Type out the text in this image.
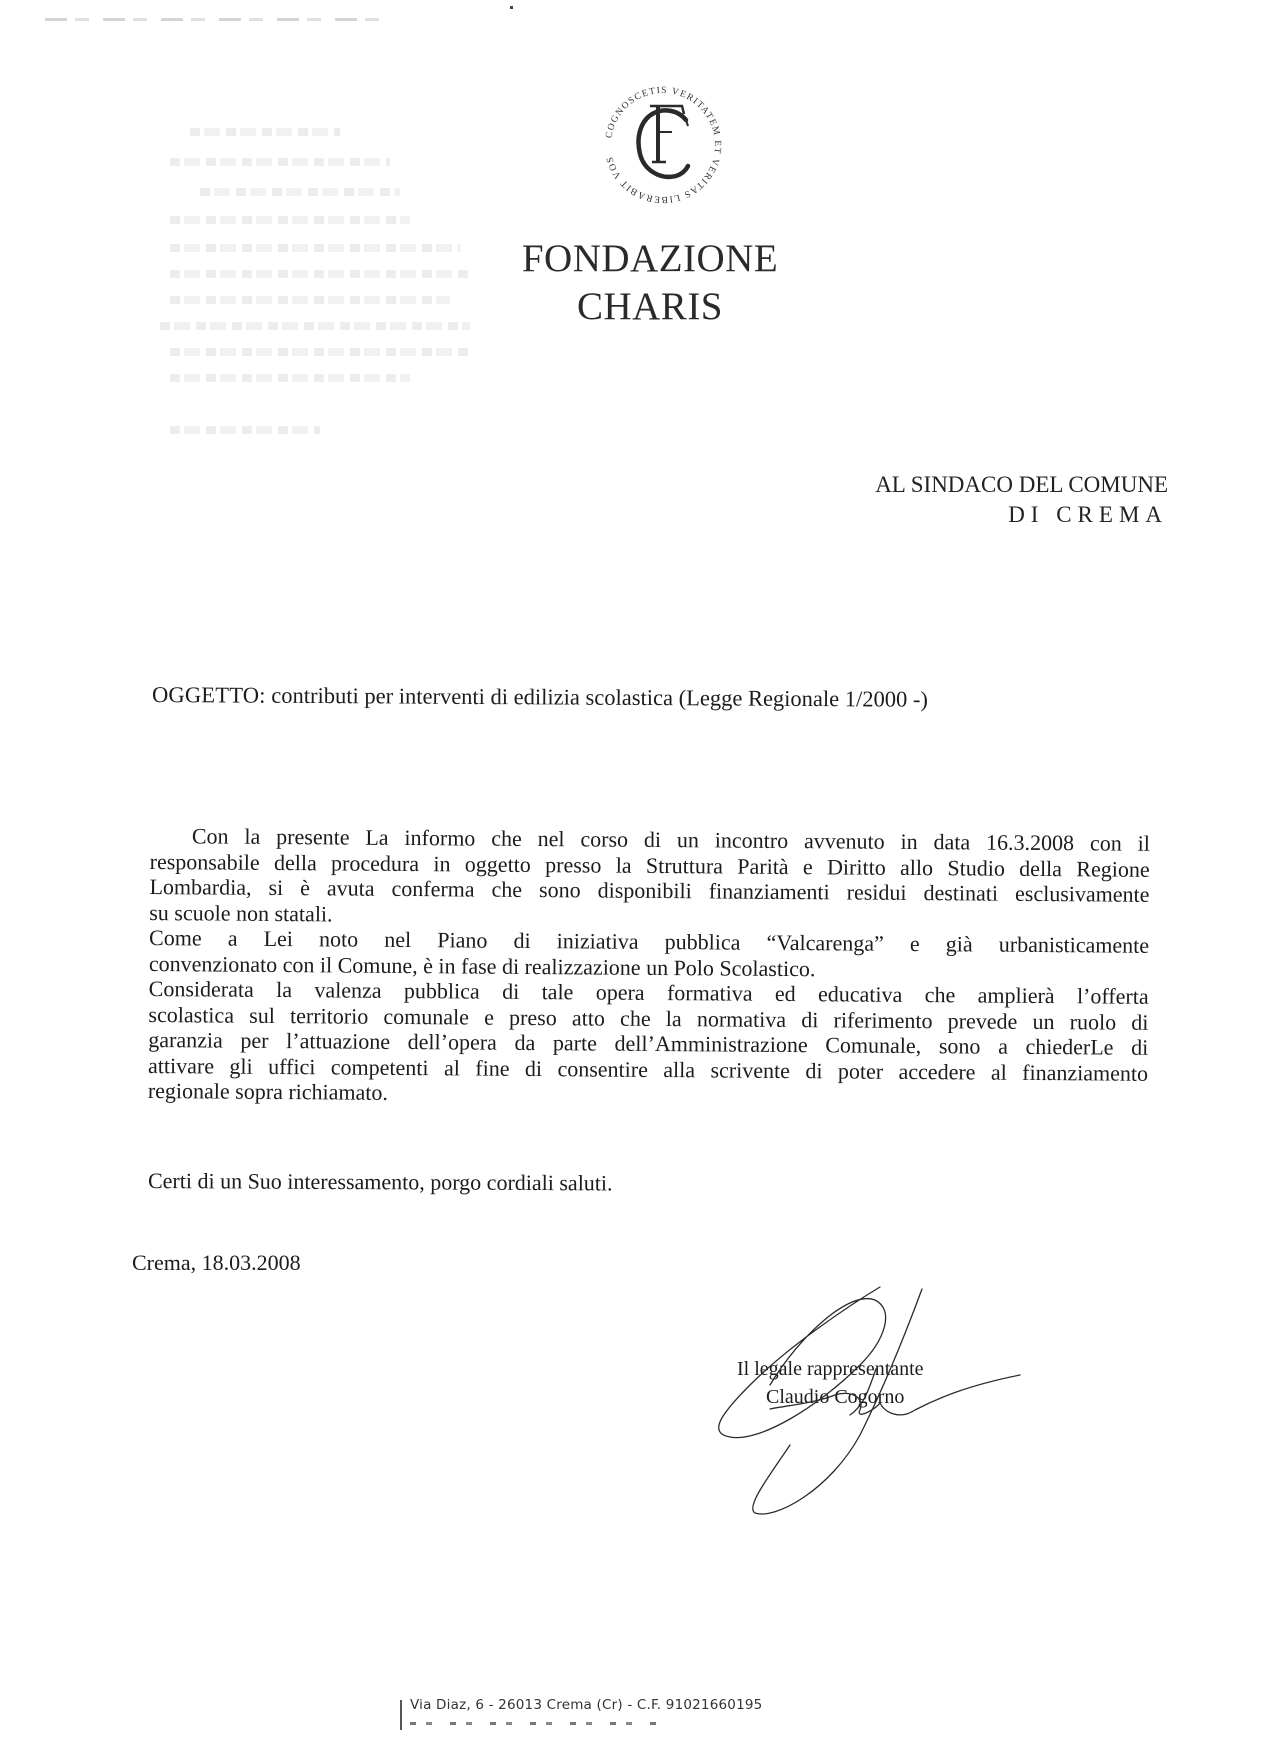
COGNOSCETIS VERITATEM ET VERITAS LIBERABIT VOS
FONDAZIONE
CHARIS
AL SINDACO DEL COMUNE
DI CREMA
OGGETTO: contributi per interventi di edilizia scolastica (Legge Regionale 1/2000 -)
Con la presente La informo che nel corso di un incontro avvenuto in data 16.3.2008 con il
responsabile della procedura in oggetto presso la Struttura Parità e Diritto allo Studio della Regione
Lombardia, si è avuta conferma che sono disponibili finanziamenti residui destinati esclusivamente
su scuole non statali.
Come a Lei noto nel Piano di iniziativa pubblica “Valcarenga” e già urbanisticamente
convenzionato con il Comune, è in fase di realizzazione un Polo Scolastico.
Considerata la valenza pubblica di tale opera formativa ed educativa che amplierà l’offerta
scolastica sul territorio comunale e preso atto che la normativa di riferimento prevede un ruolo di
garanzia per l’attuazione dell’opera da parte dell’Amministrazione Comunale, sono a chiederLe di
attivare gli uffici competenti al fine di consentire alla scrivente di poter accedere al finanziamento
regionale sopra richiamato.
Certi di un Suo interessamento, porgo cordiali saluti.
Crema, 18.03.2008
Il legale rappresentante
Claudio Cogorno
Via Diaz, 6 - 26013 Crema (Cr) - C.F. 91021660195
